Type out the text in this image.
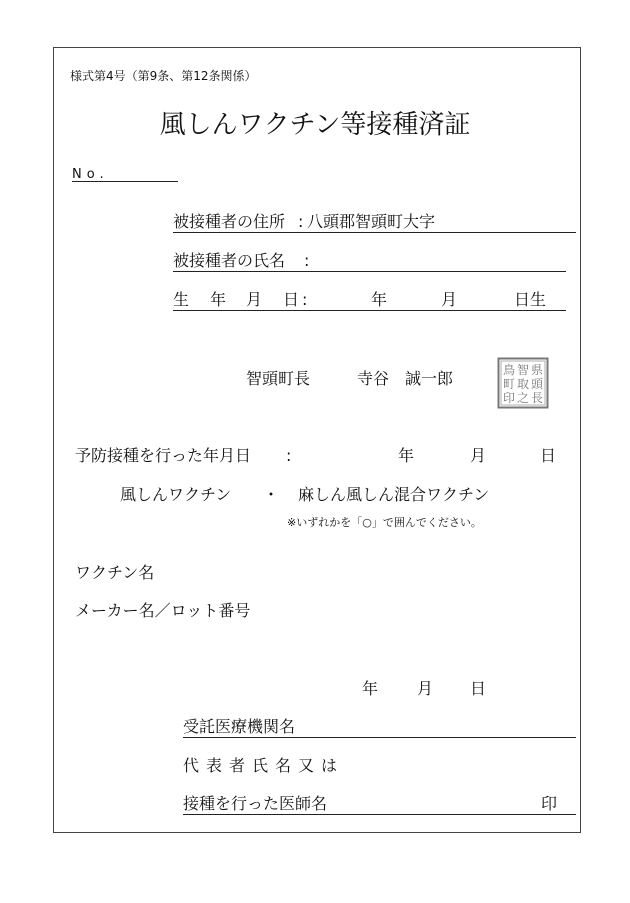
様式第4号（第9条、第12条関係）
風しんワクチン等接種済証
No.
被接種者の住所 : 八頭郡智頭町大字
被接種者の氏名 :
生 年 月 日 :	年	月	日生
智頭町長	寺谷　誠一郎	県
智
鳥
頭
取
町
長
之
印
予防接種を行った年月日 :	年	月	日
風しんワクチン ・ 麻しん風しん混合ワクチン
※いずれかを「○」で囲んでください。
ワクチン名
メーカー名／ロット番号
年 月 日
受託医療機関名
代表者氏名又は
接種を行った医師名	印
